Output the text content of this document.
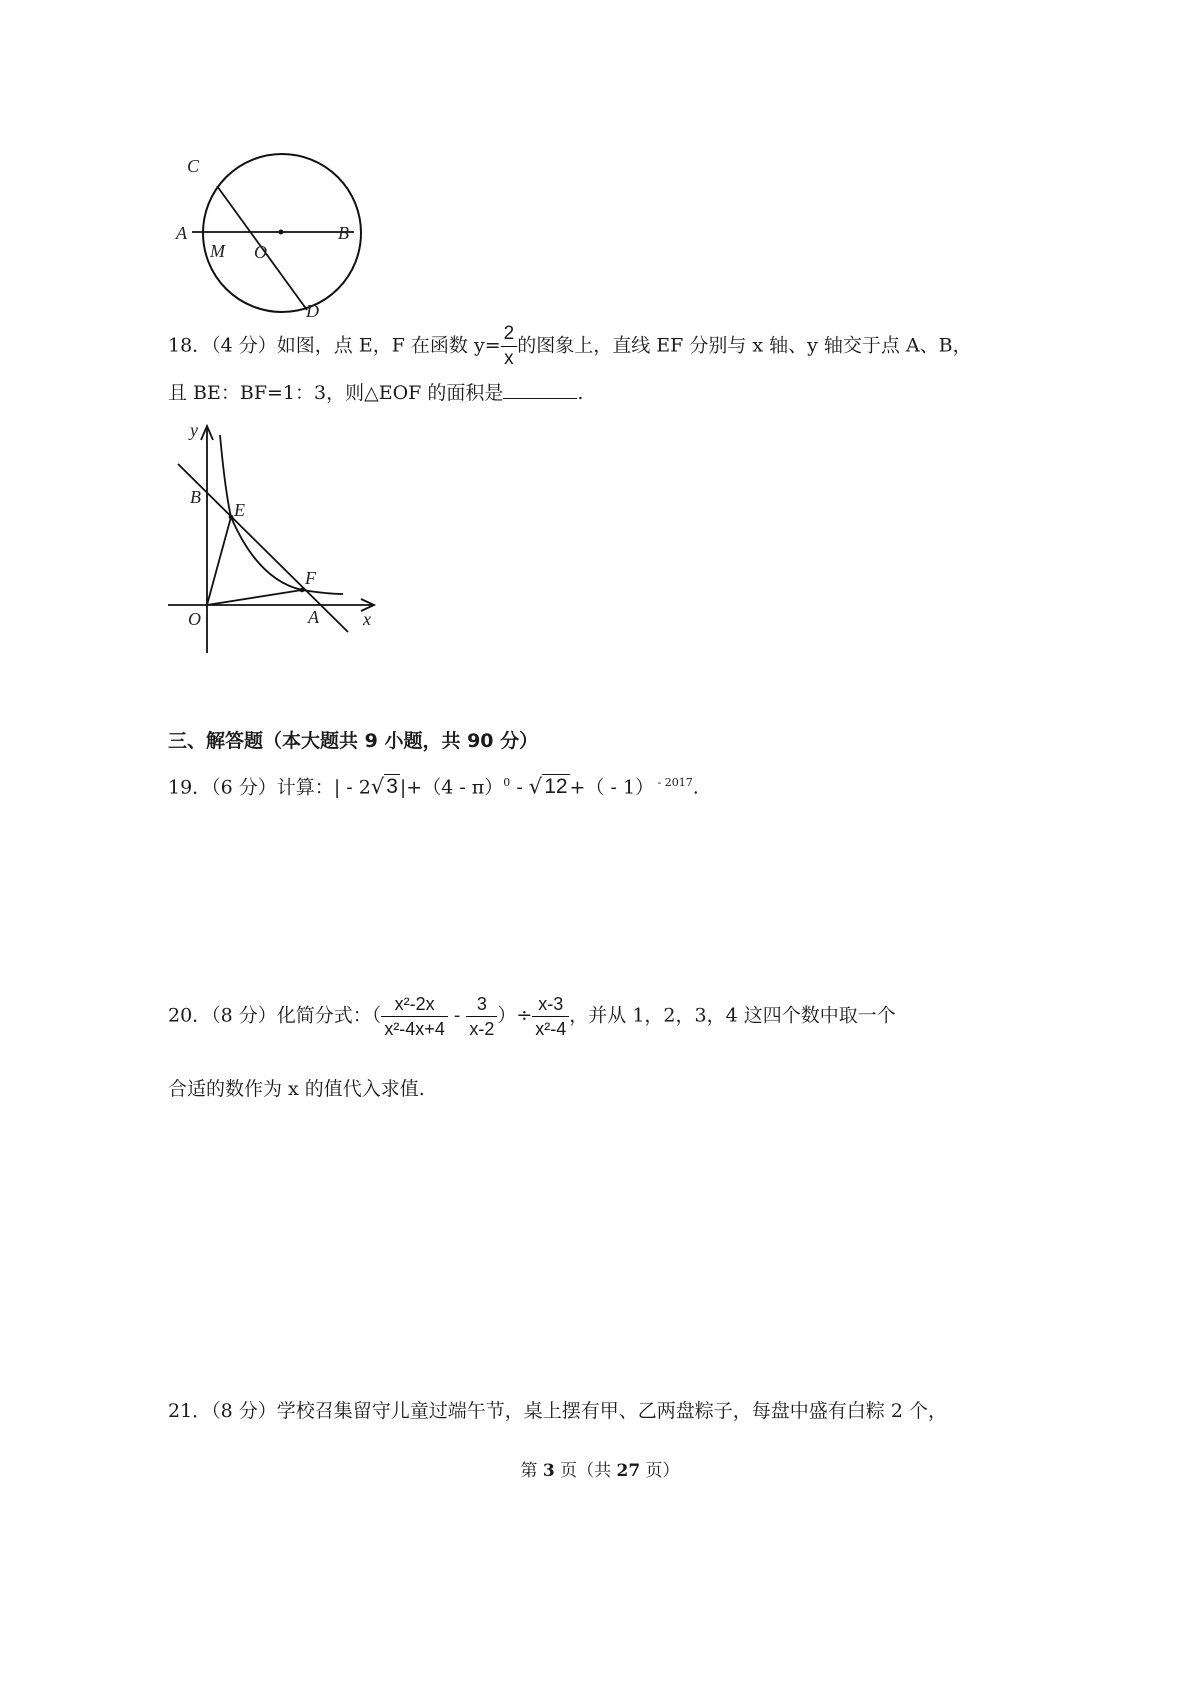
C
A
M O
B
D
18．（4 分）如图，点 E，F 在函数 $y= \frac{2}{x}$ 的图象上，直线 EF 分别与 x 轴、y 轴交于点 A、B，
且 BE：BF=1：3，则△EOF 的面积是	.
y
B
E
F
O	A x
三、解答题（本大题共 9 小题，共 90 分）
19．（6 分）计算：| - 2√3 |+（4 - π）$^0$ - √12 +（ - 1） $^{- 2017}$.
20．（8 分）化简分式：（ $\frac{\text{x²-2x}}{\text{x²-4x+4}} - \frac{3}{x-2}$ ）÷ $\frac{x-3}{\text{x²-4}}$ ，并从 1，2，3，4 这四个数中取一个
合适的数作为 x 的值代入求值.
21．（8 分）学校召集留守儿童过端午节，桌上摆有甲、乙两盘粽子，每盘中盛有白粽 2 个，
第 3 页（共 27 页）
